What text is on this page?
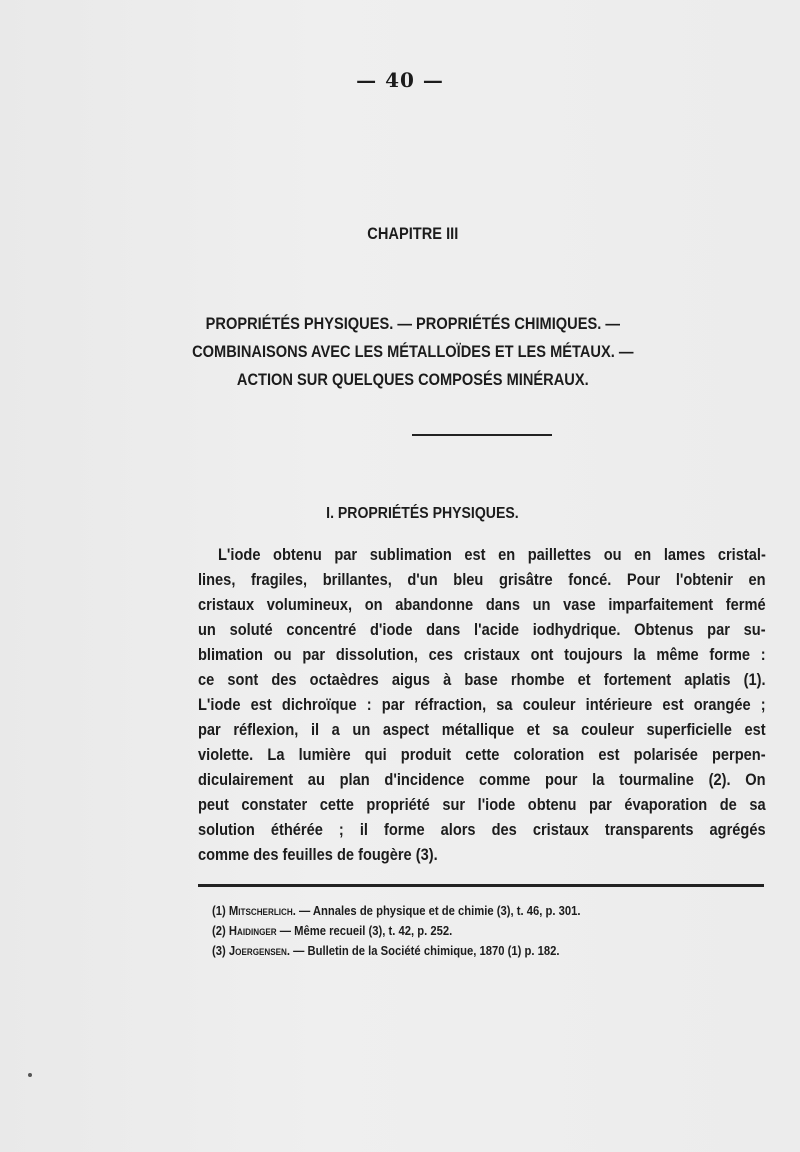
— 40 —
CHAPITRE III
PROPRIÉTÉS PHYSIQUES. — PROPRIÉTÉS CHIMIQUES. —
COMBINAISONS AVEC LES MÉTALLOÏDES ET LES MÉTAUX. —
ACTION SUR QUELQUES COMPOSÉS MINÉRAUX.
I. PROPRIÉTÉS PHYSIQUES.
L'iode obtenu par sublimation est en paillettes ou en lames cristal-
lines, fragiles, brillantes, d'un bleu grisâtre foncé. Pour l'obtenir en
cristaux volumineux, on abandonne dans un vase imparfaitement fermé
un soluté concentré d'iode dans l'acide iodhydrique. Obtenus par su-
blimation ou par dissolution, ces cristaux ont toujours la même forme :
ce sont des octaèdres aigus à base rhombe et fortement aplatis (1).
L'iode est dichroïque : par réfraction, sa couleur intérieure est orangée ;
par réflexion, il a un aspect métallique et sa couleur superficielle est
violette. La lumière qui produit cette coloration est polarisée perpen-
diculairement au plan d'incidence comme pour la tourmaline (2). On
peut constater cette propriété sur l'iode obtenu par évaporation de sa
solution éthérée ; il forme alors des cristaux transparents agrégés
comme des feuilles de fougère (3).
(1) Mitscherlich. — Annales de physique et de chimie (3), t. 46, p. 301.
(2) Haidinger — Même recueil (3), t. 42, p. 252.
(3) Joergensen. — Bulletin de la Société chimique, 1870 (1) p. 182.
